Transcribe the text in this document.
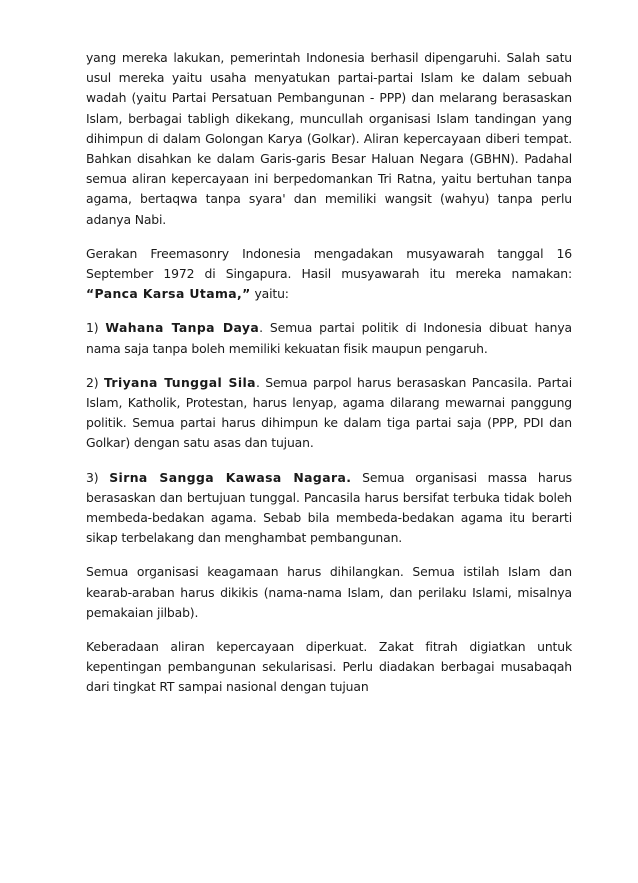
yang mereka lakukan, pemerintah Indonesia berhasil dipengaruhi. Salah satu usul mereka yaitu usaha menyatukan partai-partai Islam ke dalam sebuah wadah (yaitu Partai Persatuan Pembangunan - PPP) dan melarang berasaskan Islam, berbagai tabligh dikekang, muncullah organisasi Islam tandingan yang dihimpun di dalam Golongan Karya (Golkar). Aliran kepercayaan diberi tempat. Bahkan disahkan ke dalam Garis-garis Besar Haluan Negara (GBHN). Padahal semua aliran kepercayaan ini berpedomankan Tri Ratna, yaitu bertuhan tanpa agama, bertaqwa tanpa syara' dan memiliki wangsit (wahyu) tanpa perlu adanya Nabi.

Gerakan Freemasonry Indonesia mengadakan musyawarah tanggal 16 September 1972 di Singapura. Hasil musyawarah itu mereka namakan: “Panca Karsa Utama,” yaitu:

1) Wahana Tanpa Daya. Semua partai politik di Indonesia dibuat hanya nama saja tanpa boleh memiliki kekuatan fisik maupun pengaruh.

2) Triyana Tunggal Sila. Semua parpol harus berasaskan Pancasila. Partai Islam, Katholik, Protestan, harus lenyap, agama dilarang mewarnai panggung politik. Semua partai harus dihimpun ke dalam tiga partai saja (PPP, PDI dan Golkar) dengan satu asas dan tujuan.

3) Sirna Sangga Kawasa Nagara. Semua organisasi massa harus berasaskan dan bertujuan tunggal. Pancasila harus bersifat terbuka tidak boleh membeda-bedakan agama. Sebab bila membeda-bedakan agama itu berarti sikap terbelakang dan menghambat pembangunan.

Semua organisasi keagamaan harus dihilangkan. Semua istilah Islam dan kearab-araban harus dikikis (nama-nama Islam, dan perilaku Islami, misalnya pemakaian jilbab).

Keberadaan aliran kepercayaan diperkuat. Zakat fitrah digiatkan untuk kepentingan pembangunan sekularisasi. Perlu diadakan berbagai musabaqah dari tingkat RT sampai nasional dengan tujuan
